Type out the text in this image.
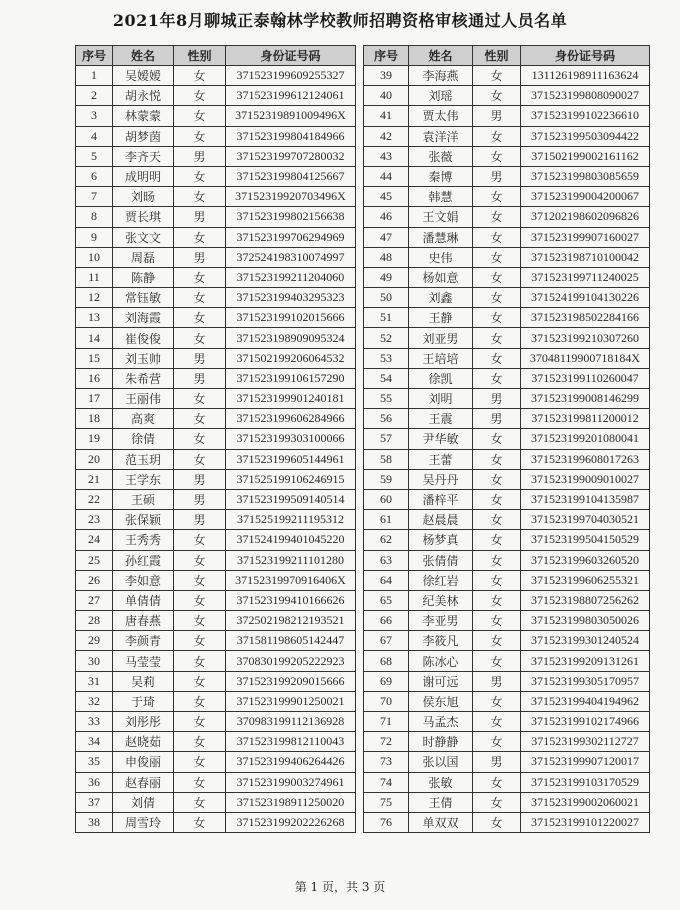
2021年8月聊城正泰翰林学校教师招聘资格审核通过人员名单
序号	姓名	性别	身份证号码
1	吴嫒嫒	女	371523199609255327
2	胡永悦	女	371523199612124061
3	林蒙蒙	女	37152319891009496X
4	胡梦茵	女	371523199804184966
5	李齐天	男	371523199707280032
6	成明明	女	371523199804125667
7	刘旸	女	37152319920703496X
8	贾长琪	男	371523199802156638
9	张文文	女	371523199706294969
10	周磊	男	372524198310074997
11	陈静	女	371523199211204060
12	常钰敏	女	371523199403295323
13	刘海霞	女	371523199102015666
14	崔俊俊	女	371523198909095324
15	刘玉帅	男	371502199206064532
16	朱希营	男	371523199106157290
17	王丽伟	女	371523199901240181
18	高爽	女	371523199606284966
19	徐倩	女	371523199303100066
20	范玉玥	女	371523199605144961
21	王学东	男	371525199106246915
22	王硕	男	371523199509140514
23	张保颖	男	371525199211195312
24	王秀秀	女	371524199401045220
25	孙红霞	女	371523199211101280
26	李如意	女	37152319970916406X
27	单倩倩	女	371523199410166626
28	唐春燕	女	372502198212193521
29	李颜青	女	371581198605142447
30	马莹莹	女	370830199205222923
31	吴莉	女	371523199209015666
32	于琦	女	371523199901250021
33	刘彤彤	女	370983199112136928
34	赵晓茹	女	371523199812110043
35	申俊丽	女	371523199406264426
36	赵春丽	女	371523199003274961
37	刘倩	女	371523198911250020
38	周雪玲	女	371523199202226268
序号	姓名	性别	身份证号码
39	李海燕	女	131126198911163624
40	刘瑶	女	371523199808090027
41	贾太伟	男	371523199102236610
42	袁洋洋	女	371523199503094422
43	张薇	女	371502199002161162
44	秦博	男	371523199803085659
45	韩慧	女	371523199004200067
46	王文娟	女	371202198602096826
47	潘慧琳	女	371523199907160027
48	史伟	女	371523198710100042
49	杨如意	女	371523199711240025
50	刘鑫	女	371524199104130226
51	王静	女	371523198502284166
52	刘亚男	女	371523199210307260
53	王培培	女	37048119900718184X
54	徐凯	女	371523199110260047
55	刘明	男	371523199008146299
56	王震	男	371523199811200012
57	尹华敏	女	371523199201080041
58	王蕾	女	371523199608017263
59	吴丹丹	女	371523199009010027
60	潘梓平	女	371523199104135987
61	赵晨晨	女	371523199704030521
62	杨梦真	女	371523199504150529
63	张倩倩	女	371523199603260520
64	徐红岩	女	371523199606255321
65	纪美林	女	371523198807256262
66	李亚男	女	371523199803050026
67	李筱凡	女	371523199301240524
68	陈冰心	女	371523199209131261
69	谢可远	男	371523199305170957
70	侯东旭	女	371523199404194962
71	马孟杰	女	371523199102174966
72	时静静	女	371523199302112727
73	张以国	男	371523199907120017
74	张敏	女	371523199103170529
75	王倩	女	371523199002060021
76	单双双	女	371523199101220027
第 1 页，共 3 页
